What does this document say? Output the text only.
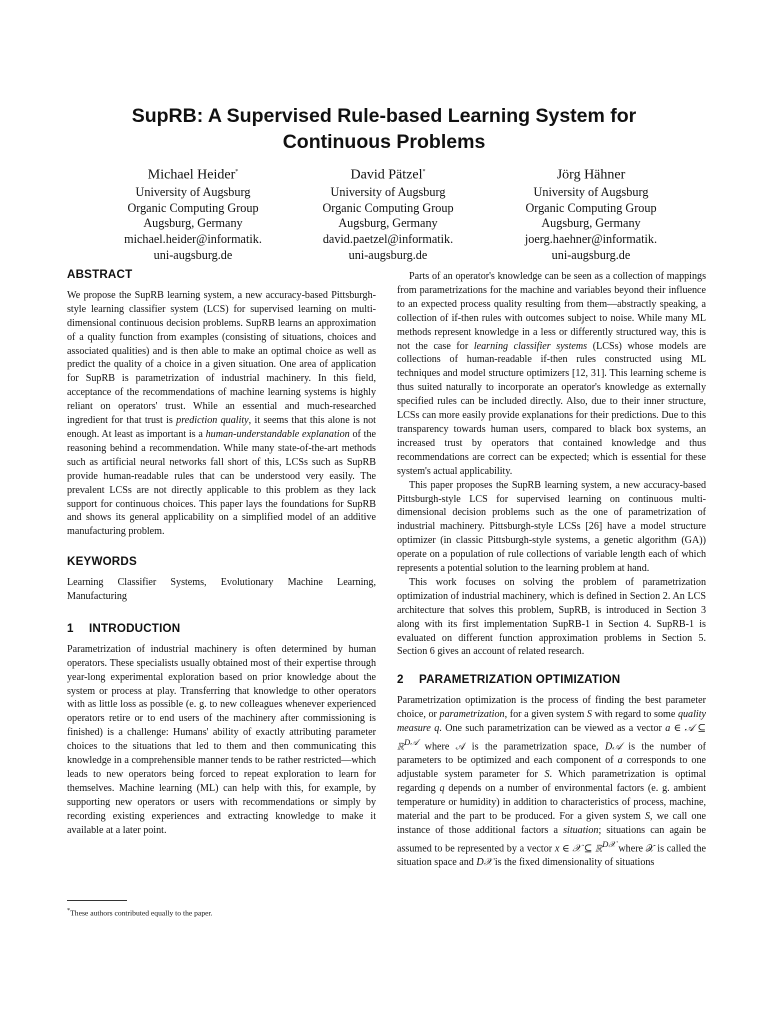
SupRB: A Supervised Rule-based Learning System for
Continuous Problems
Michael Heider*
University of Augsburg
Organic Computing Group
Augsburg, Germany
michael.heider@informatik.
uni-augsburg.de
David Pätzel*
University of Augsburg
Organic Computing Group
Augsburg, Germany
david.paetzel@informatik.
uni-augsburg.de
Jörg Hähner
University of Augsburg
Organic Computing Group
Augsburg, Germany
joerg.haehner@informatik.
uni-augsburg.de
ABSTRACT

We propose the SupRB learning system, a new accuracy-based Pittsburgh-style learning classifier system (LCS) for supervised learning on multi-dimensional continuous decision problems. SupRB learns an approximation of a quality function from examples (consisting of situations, choices and associated qualities) and is then able to make an optimal choice as well as predict the quality of a choice in a given situation. One area of application for SupRB is parametrization of industrial machinery. In this field, acceptance of the recommendations of machine learning systems is highly reliant on operators' trust. While an essential and much-researched ingredient for that trust is prediction quality, it seems that this alone is not enough. At least as important is a human-understandable explanation of the reasoning behind a recommendation. While many state-of-the-art methods such as artificial neural networks fall short of this, LCSs such as SupRB provide human-readable rules that can be understood very easily. The prevalent LCSs are not directly applicable to this problem as they lack support for continuous choices. This paper lays the foundations for SupRB and shows its general applicability on a simplified model of an additive manufacturing problem.

KEYWORDS

Learning Classifier Systems, Evolutionary Machine Learning, Manufacturing

1 INTRODUCTION

Parametrization of industrial machinery is often determined by human operators. These specialists usually obtained most of their expertise through year-long experimental exploration based on prior knowledge about the system or process at play. Transferring that knowledge to other operators with as little loss as possible (e. g. to new colleagues whenever experienced operators retire or to end users of the machinery after commissioning is finished) is a challenge: Humans' ability of exactly attributing parameter choices to the situations that led to them and then communicating this knowledge in a comprehensible manner tends to be rather restricted—which leads to new operators being forced to repeat exploration to learn for themselves. Machine learning (ML) can help with this, for example, by supporting new operators or users with recommendations or simply by recording existing experiences and extracting knowledge to make it available at a later point.

*These authors contributed equally to the paper.

Parts of an operator's knowledge can be seen as a collection of mappings from parametrizations for the machine and variables beyond their influence to an expected process quality resulting from them—abstractly speaking, a collection of if-then rules with outcomes subject to noise. While many ML methods represent knowledge in a less or differently structured way, this is not the case for learning classifier systems (LCSs) whose models are collections of human-readable if-then rules constructed using ML techniques and model structure optimizers [12, 31]. This learning scheme is thus suited naturally to incorporate an operator's knowledge as externally specified rules can be included directly. Also, due to their inner structure, LCSs can more easily provide explanations for their predictions. Due to this transparency towards human users, compared to black box systems, an increased trust by operators that contained knowledge and thus recommendations are correct can be expected; which is essential for these system's actual applicability.

This paper proposes the SupRB learning system, a new accuracy-based Pittsburgh-style LCS for supervised learning on continuous multi-dimensional decision problems such as the one of parametrization of industrial machinery. Pittsburgh-style LCSs [26] have a model structure optimizer (in classic Pittsburgh-style systems, a genetic algorithm (GA)) operate on a population of rule collections of variable length each of which represents a potential solution to the learning problem at hand.

This work focuses on solving the problem of parametrization optimization of industrial machinery, which is defined in Section 2. An LCS architecture that solves this problem, SupRB, is introduced in Section 3 along with its first implementation SupRB-1 in Section 4. SupRB-1 is evaluated on different function approximation problems in Section 5. Section 6 gives an account of related research.

2 PARAMETRIZATION OPTIMIZATION

Parametrization optimization is the process of finding the best parameter choice, or parametrization, for a given system S with regard to some quality measure q. One such parametrization can be viewed as a vector a ∈ 𝒜 ⊆ ℝ$^{D𝒜}$ where 𝒜 is the parametrization space, D𝒜 is the number of parameters to be optimized and each component of a corresponds to one adjustable system parameter for S. Which parametrization is optimal regarding q depends on a number of environmental factors (e. g. ambient temperature or humidity) in addition to characteristics of process, machine, material and the part to be produced. For a given system S, we call one instance of those additional factors a situation; situations can again be assumed to be represented by a vector x ∈ 𝒳 ⊆ ℝ$^{D𝒳}$ where 𝒳 is called the situation space and D𝒳 is the fixed dimensionality of situations
